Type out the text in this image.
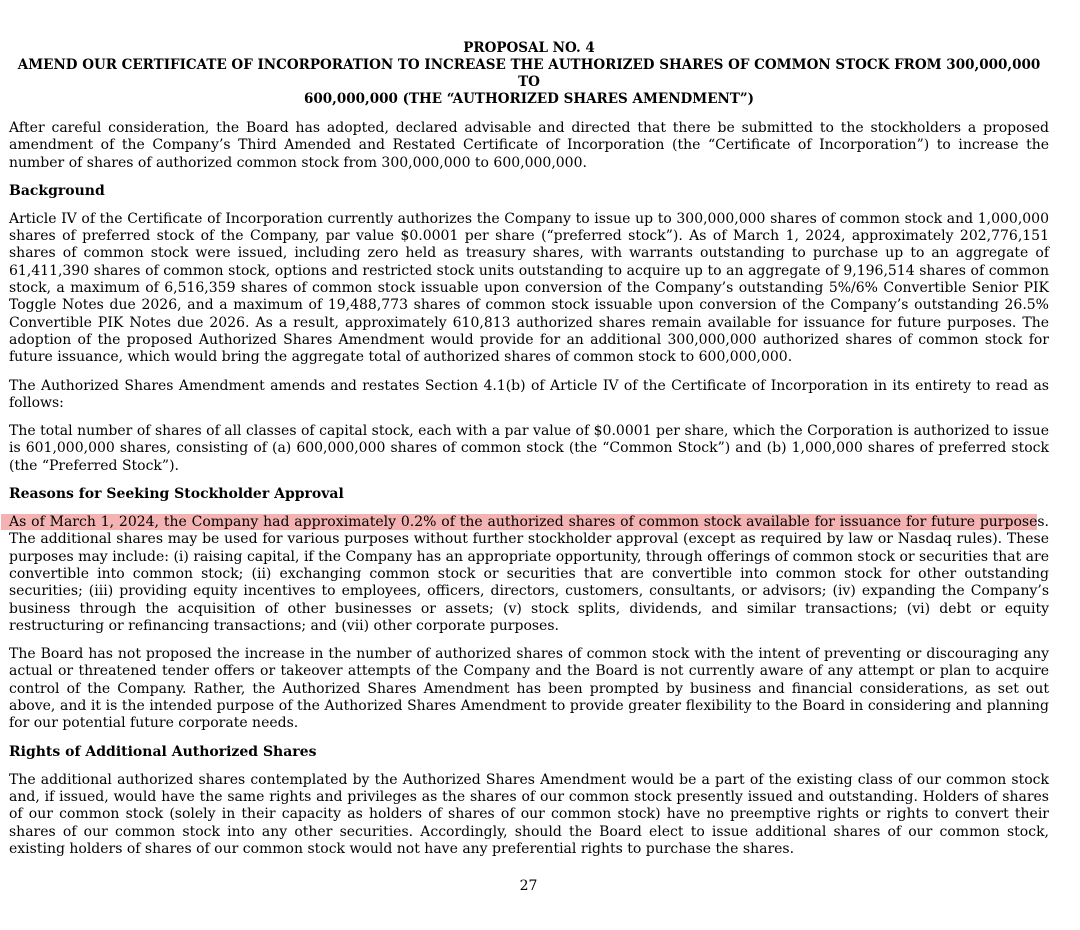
PROPOSAL NO. 4
AMEND OUR CERTIFICATE OF INCORPORATION TO INCREASE THE AUTHORIZED SHARES OF COMMON STOCK FROM 300,000,000 TO
600,000,000 (THE “AUTHORIZED SHARES AMENDMENT”)

After careful consideration, the Board has adopted, declared advisable and directed that there be submitted to the stockholders a proposed amendment of the Company’s Third Amended and Restated Certificate of Incorporation (the “Certificate of Incorporation”) to increase the number of shares of authorized common stock from 300,000,000 to 600,000,000.

Background

Article IV of the Certificate of Incorporation currently authorizes the Company to issue up to 300,000,000 shares of common stock and 1,000,000 shares of preferred stock of the Company, par value $0.0001 per share (“preferred stock”). As of March 1, 2024, approximately 202,776,151 shares of common stock were issued, including zero held as treasury shares, with warrants outstanding to purchase up to an aggregate of 61,411,390 shares of common stock, options and restricted stock units outstanding to acquire up to an aggregate of 9,196,514 shares of common stock, a maximum of 6,516,359 shares of common stock issuable upon conversion of the Company’s outstanding 5%/6% Convertible Senior PIK Toggle Notes due 2026, and a maximum of 19,488,773 shares of common stock issuable upon conversion of the Company’s outstanding 26.5% Convertible PIK Notes due 2026. As a result, approximately 610,813 authorized shares remain available for issuance for future purposes. The adoption of the proposed Authorized Shares Amendment would provide for an additional 300,000,000 authorized shares of common stock for future issuance, which would bring the aggregate total of authorized shares of common stock to 600,000,000.

The Authorized Shares Amendment amends and restates Section 4.1(b) of Article IV of the Certificate of Incorporation in its entirety to read as follows:

The total number of shares of all classes of capital stock, each with a par value of $0.0001 per share, which the Corporation is authorized to issue is 601,000,000 shares, consisting of (a) 600,000,000 shares of common stock (the “Common Stock”) and (b) 1,000,000 shares of preferred stock (the “Preferred Stock”).

Reasons for Seeking Stockholder Approval

As of March 1, 2024, the Company had approximately 0.2% of the authorized shares of common stock available for issuance for future purposes. The additional shares may be used for various purposes without further stockholder approval (except as required by law or Nasdaq rules). These purposes may include: (i) raising capital, if the Company has an appropriate opportunity, through offerings of common stock or securities that are convertible into common stock; (ii) exchanging common stock or securities that are convertible into common stock for other outstanding securities; (iii) providing equity incentives to employees, officers, directors, customers, consultants, or advisors; (iv) expanding the Company’s business through the acquisition of other businesses or assets; (v) stock splits, dividends, and similar transactions; (vi) debt or equity restructuring or refinancing transactions; and (vii) other corporate purposes.

The Board has not proposed the increase in the number of authorized shares of common stock with the intent of preventing or discouraging any actual or threatened tender offers or takeover attempts of the Company and the Board is not currently aware of any attempt or plan to acquire control of the Company. Rather, the Authorized Shares Amendment has been prompted by business and financial considerations, as set out above, and it is the intended purpose of the Authorized Shares Amendment to provide greater flexibility to the Board in considering and planning for our potential future corporate needs.

Rights of Additional Authorized Shares

The additional authorized shares contemplated by the Authorized Shares Amendment would be a part of the existing class of our common stock and, if issued, would have the same rights and privileges as the shares of our common stock presently issued and outstanding. Holders of shares of our common stock (solely in their capacity as holders of shares of our common stock) have no preemptive rights or rights to convert their shares of our common stock into any other securities. Accordingly, should the Board elect to issue additional shares of our common stock, existing holders of shares of our common stock would not have any preferential rights to purchase the shares.

27
